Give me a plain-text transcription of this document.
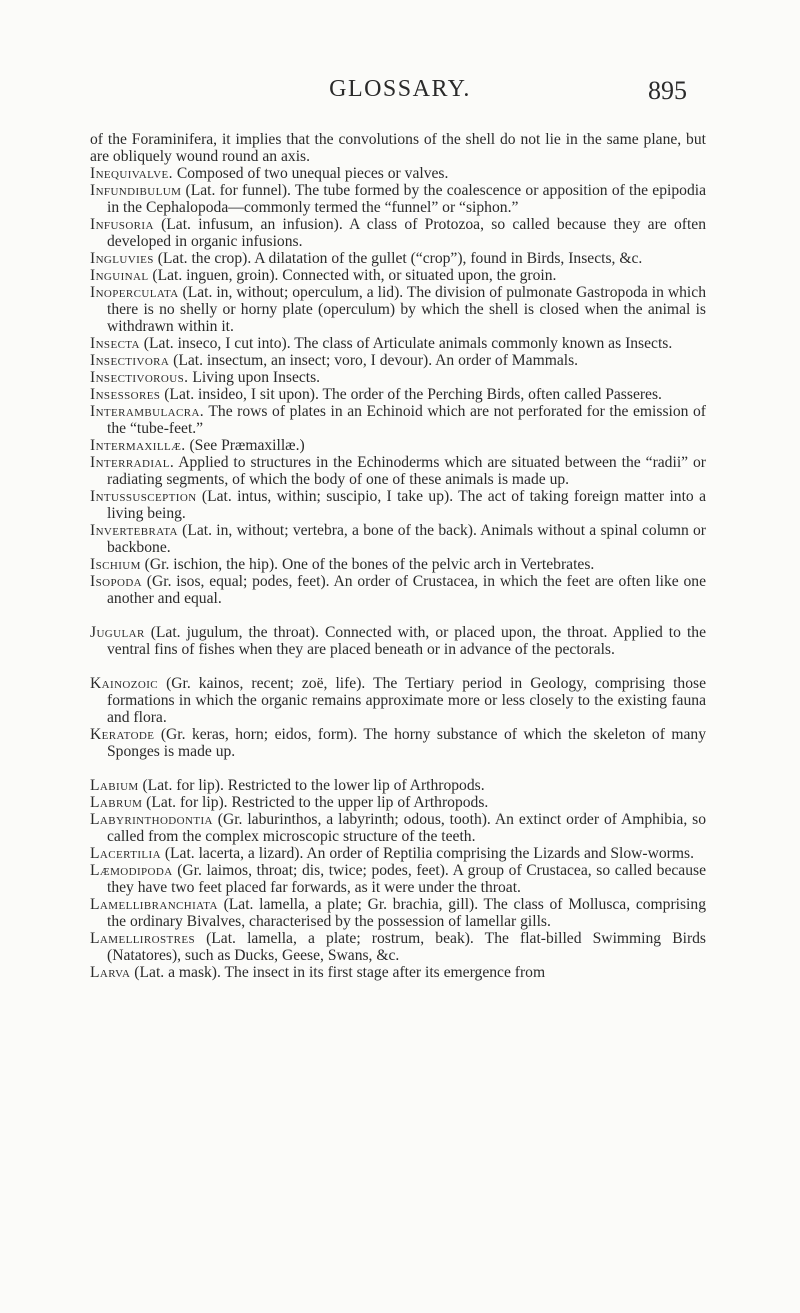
GLOSSARY.	895

of the Foraminifera, it implies that the convolutions of the shell do not lie in the same plane, but are obliquely wound round an axis.

Inequivalve. Composed of two unequal pieces or valves.

Infundibulum (Lat. for funnel). The tube formed by the coalescence or apposition of the epipodia in the Cephalopoda—commonly termed the “funnel” or “siphon.”

Infusoria (Lat. infusum, an infusion). A class of Protozoa, so called because they are often developed in organic infusions.

Ingluvies (Lat. the crop). A dilatation of the gullet (“crop”), found in Birds, Insects, &c.

Inguinal (Lat. inguen, groin). Connected with, or situated upon, the groin.

Inoperculata (Lat. in, without; operculum, a lid). The division of pulmonate Gastropoda in which there is no shelly or horny plate (operculum) by which the shell is closed when the animal is withdrawn within it.

Insecta (Lat. inseco, I cut into). The class of Articulate animals commonly known as Insects.

Insectivora (Lat. insectum, an insect; voro, I devour). An order of Mammals.

Insectivorous. Living upon Insects.

Insessores (Lat. insideo, I sit upon). The order of the Perching Birds, often called Passeres.

Interambulacra. The rows of plates in an Echinoid which are not perforated for the emission of the “tube-feet.”

Intermaxillæ. (See Præmaxillæ.)

Interradial. Applied to structures in the Echinoderms which are situated between the “radii” or radiating segments, of which the body of one of these animals is made up.

Intussusception (Lat. intus, within; suscipio, I take up). The act of taking foreign matter into a living being.

Invertebrata (Lat. in, without; vertebra, a bone of the back). Animals without a spinal column or backbone.

Ischium (Gr. ischion, the hip). One of the bones of the pelvic arch in Vertebrates.

Isopoda (Gr. isos, equal; podes, feet). An order of Crustacea, in which the feet are often like one another and equal.

Jugular (Lat. jugulum, the throat). Connected with, or placed upon, the throat. Applied to the ventral fins of fishes when they are placed beneath or in advance of the pectorals.

Kainozoic (Gr. kainos, recent; zoë, life). The Tertiary period in Geology, comprising those formations in which the organic remains approximate more or less closely to the existing fauna and flora.

Keratode (Gr. keras, horn; eidos, form). The horny substance of which the skeleton of many Sponges is made up.

Labium (Lat. for lip). Restricted to the lower lip of Arthropods.

Labrum (Lat. for lip). Restricted to the upper lip of Arthropods.

Labyrinthodontia (Gr. laburinthos, a labyrinth; odous, tooth). An extinct order of Amphibia, so called from the complex microscopic structure of the teeth.

Lacertilia (Lat. lacerta, a lizard). An order of Reptilia comprising the Lizards and Slow-worms.

Læmodipoda (Gr. laimos, throat; dis, twice; podes, feet). A group of Crustacea, so called because they have two feet placed far forwards, as it were under the throat.

Lamellibranchiata (Lat. lamella, a plate; Gr. brachia, gill). The class of Mollusca, comprising the ordinary Bivalves, characterised by the possession of lamellar gills.

Lamellirostres (Lat. lamella, a plate; rostrum, beak). The flat-billed Swimming Birds (Natatores), such as Ducks, Geese, Swans, &c.

Larva (Lat. a mask). The insect in its first stage after its emergence from
